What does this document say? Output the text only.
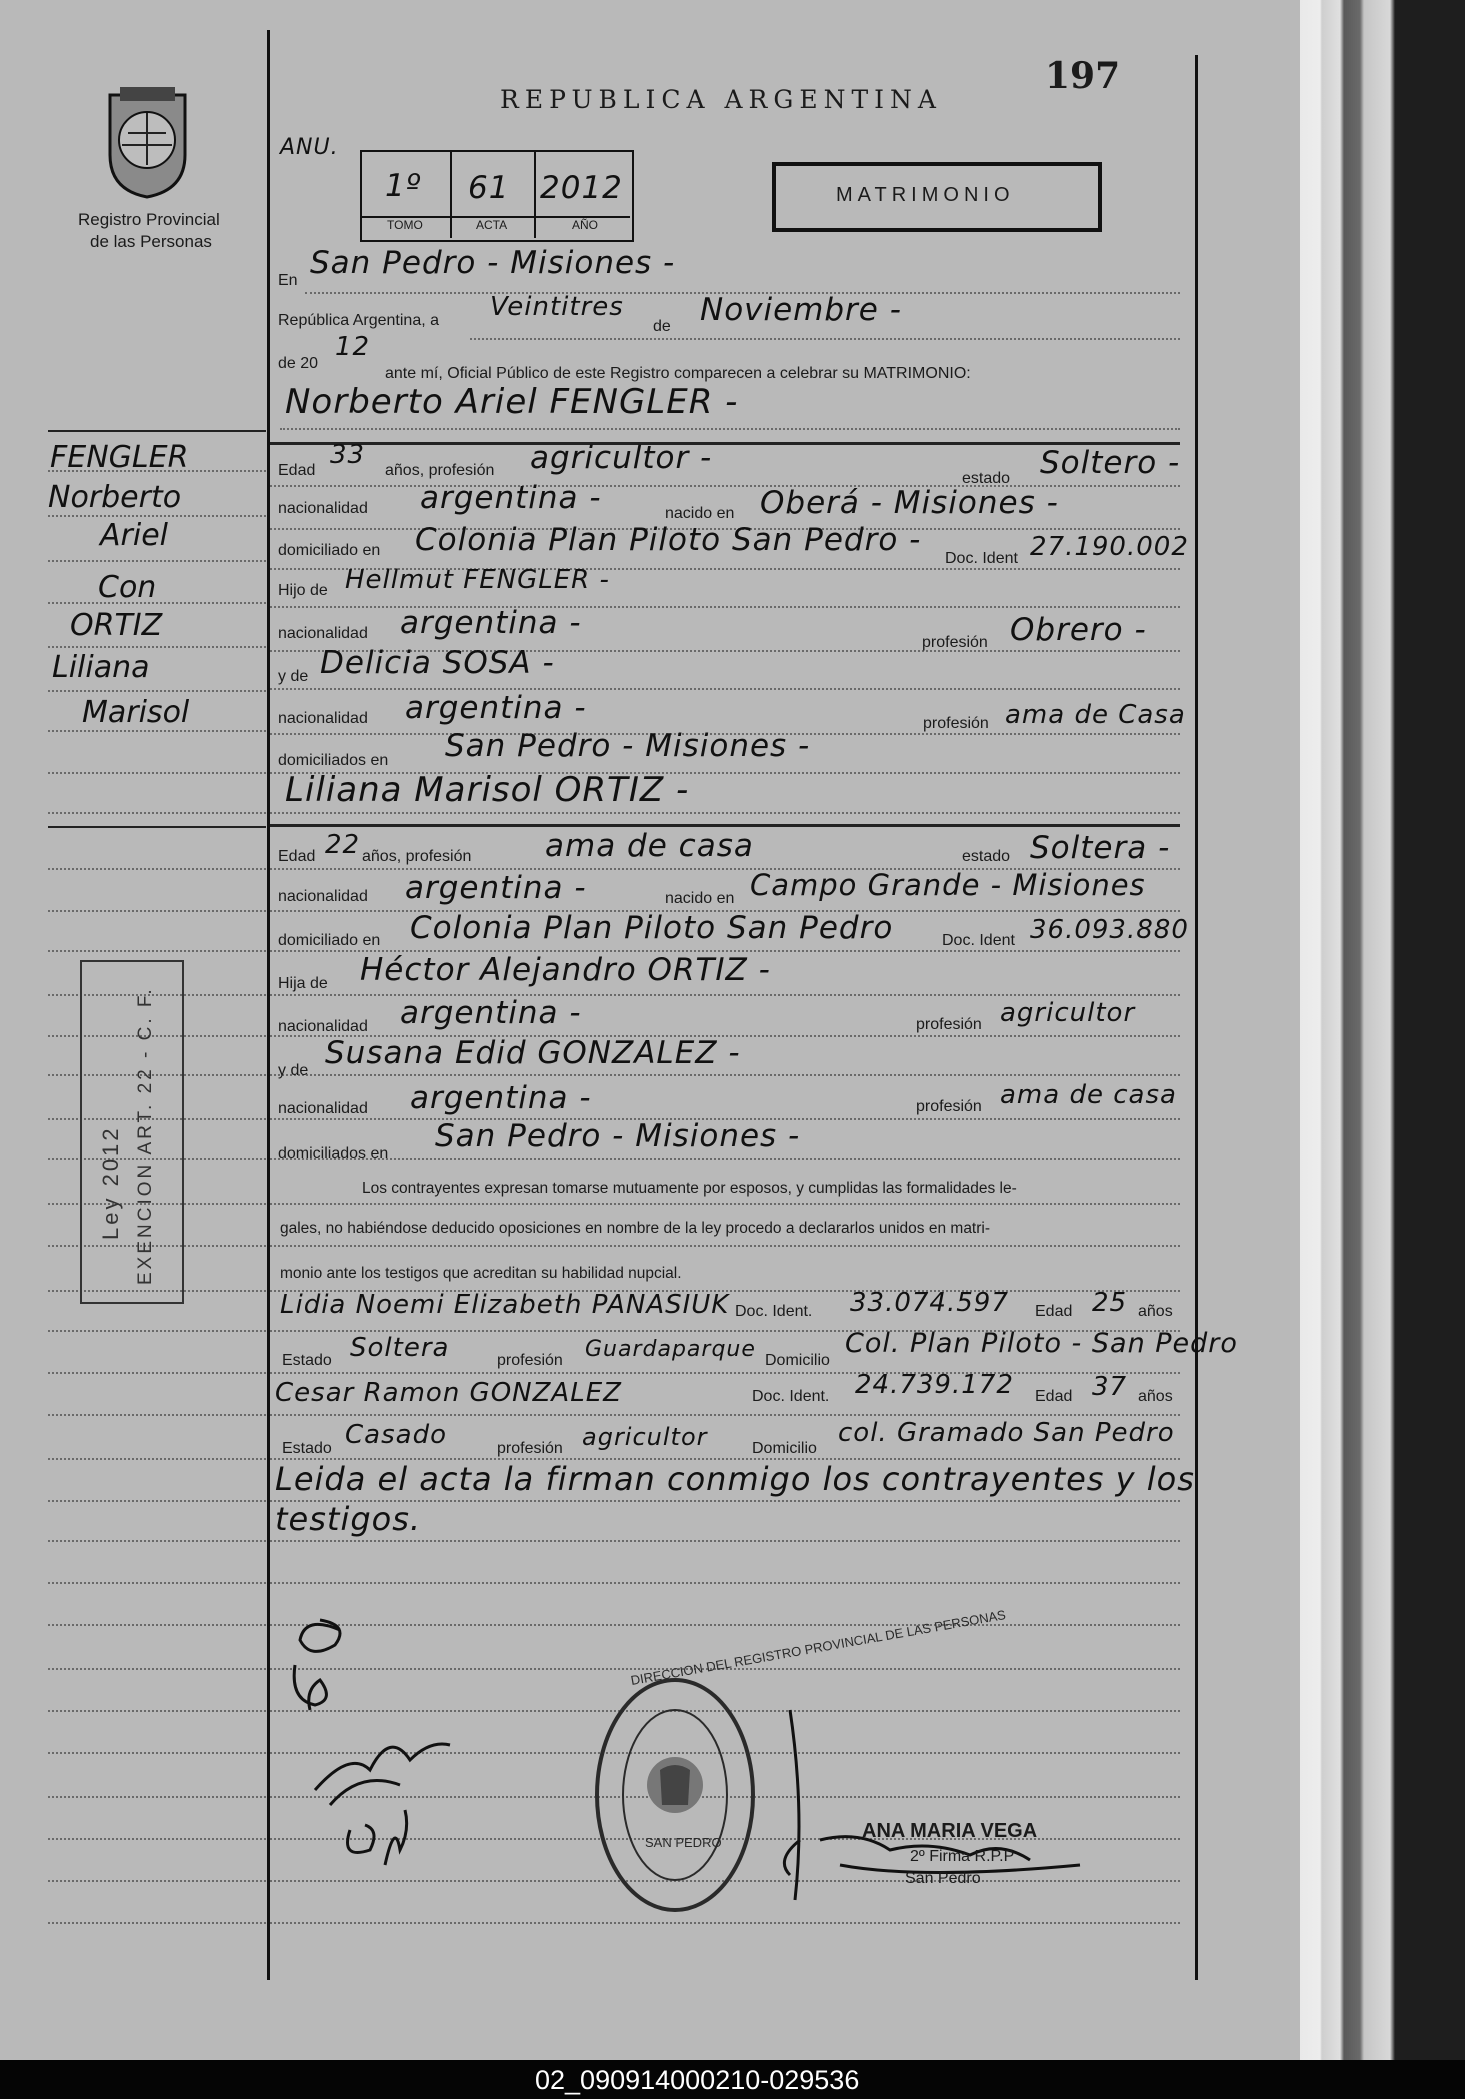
197
Registro Provincial
de las Personas
REPUBLICA ARGENTINA
ANU.
1º 61 2012
TOMO	ACTA	AÑO
MATRIMONIO
En San Pedro - Misiones -
República Argentina, a Veintitres
de Noviembre -
de 20
12
ante mí, Oficial Público de este Registro comparecen a celebrar su MATRIMONIO:
Norberto Ariel FENGLER -
Edad
33
años, profesión agricultor -
estado Soltero -
nacionalidad argentina -	nacido en Oberá - Misiones -
domiciliado en Colonia Plan Piloto San Pedro -
Doc. Ident 27.190.002
Hijo de Hellmut FENGLER -
nacionalidad argentina -
profesión Obrero -
y de Delicia SOSA -
nacionalidad argentina -	profesión ama de Casa
domiciliados en San Pedro - Misiones -
Liliana Marisol ORTIZ -
Edad 22 años, profesión ama de casa	estado Soltera -
nacionalidad argentina -	nacido en Campo Grande - Misiones
domiciliado en Colonia Plan Piloto San Pedro	Doc. Ident 36.093.880
Hija de Héctor Alejandro ORTIZ -
nacionalidad argentina -	profesión agricultor
y de Susana Edid GONZALEZ -
nacionalidad argentina -	profesión ama de casa
domiciliados en San Pedro - Misiones -
Los contrayentes expresan tomarse mutuamente por esposos, y cumplidas las formalidades le-
gales, no habiéndose deducido oposiciones en nombre de la ley procedo a declararlos unidos en matri-
monio ante los testigos que acreditan su habilidad nupcial.
Lidia Noemi Elizabeth PANASIUK Doc. Ident. 33.074.597 Edad 25 años
Estado Soltera	profesión Guardaparque Domicilio
Col. Plan Piloto - San Pedro
Cesar Ramon GONZALEZ	Doc. Ident. 24.739.172 Edad 37 años
Estado Casado	profesión agricultor	Domicilio
col. Gramado San Pedro
Leida el acta la firman conmigo los contrayentes y los
testigos.
FENGLER
Norberto
Ariel
Con
ORTIZ
Liliana
Marisol
Ley 2012 EXENCION ART. 22 - C. F.
DIRECCION DEL REGISTRO PROVINCIAL DE LAS PERSONAS
SAN PEDRO
ANA MARIA VEGA
2º Firma R.P.P
San Pedro
02_090914000210-029536
